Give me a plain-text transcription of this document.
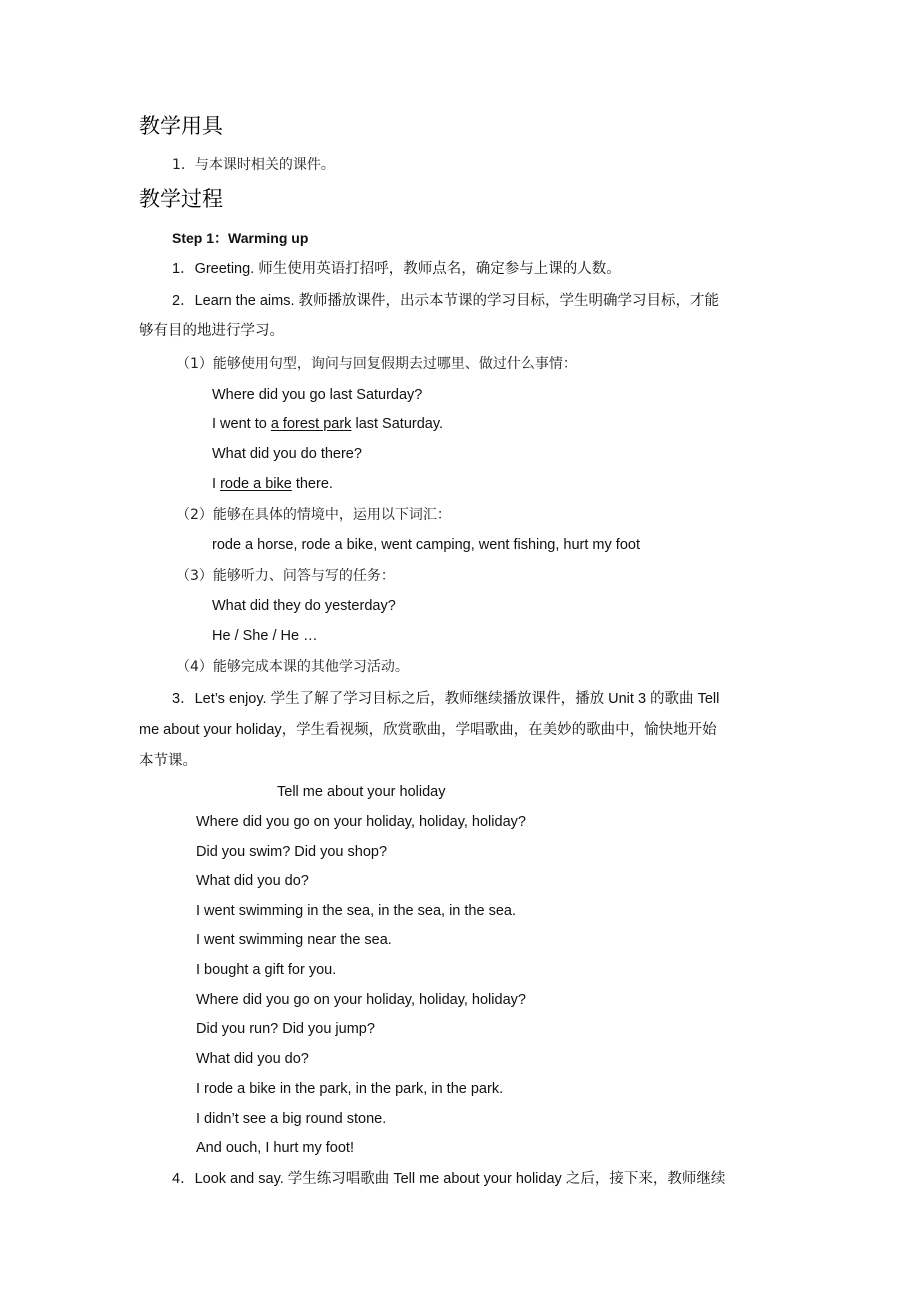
教学用具
1．与本课时相关的课件。
教学过程
Step 1：Warming up
1．Greeting. 师生使用英语打招呼，教师点名，确定参与上课的人数。
2．Learn the aims. 教师播放课件，出示本节课的学习目标，学生明确学习目标，才能
够有目的地进行学习。
（1）能够使用句型，询问与回复假期去过哪里、做过什么事情：
Where did you go last Saturday?
I went to a forest park last Saturday.
What did you do there?
I rode a bike there.
（2）能够在具体的情境中，运用以下词汇：
rode a horse, rode a bike, went camping, went fishing, hurt my foot
（3）能够听力、问答与写的任务：
What did they do yesterday?
He / She / He …
（4）能够完成本课的其他学习活动。
3．Let’s enjoy. 学生了解了学习目标之后，教师继续播放课件，播放 Unit 3 的歌曲 Tell
me about your holiday，学生看视频，欣赏歌曲，学唱歌曲，在美妙的歌曲中，愉快地开始
本节课。
Tell me about your holiday
Where did you go on your holiday, holiday, holiday?
Did you swim? Did you shop?
What did you do?
I went swimming in the sea, in the sea, in the sea.
I went swimming near the sea.
I bought a gift for you.
Where did you go on your holiday, holiday, holiday?
Did you run? Did you jump?
What did you do?
I rode a bike in the park, in the park, in the park.
I didn’t see a big round stone.
And ouch, I hurt my foot!
4．Look and say. 学生练习唱歌曲 Tell me about your holiday 之后，接下来，教师继续
